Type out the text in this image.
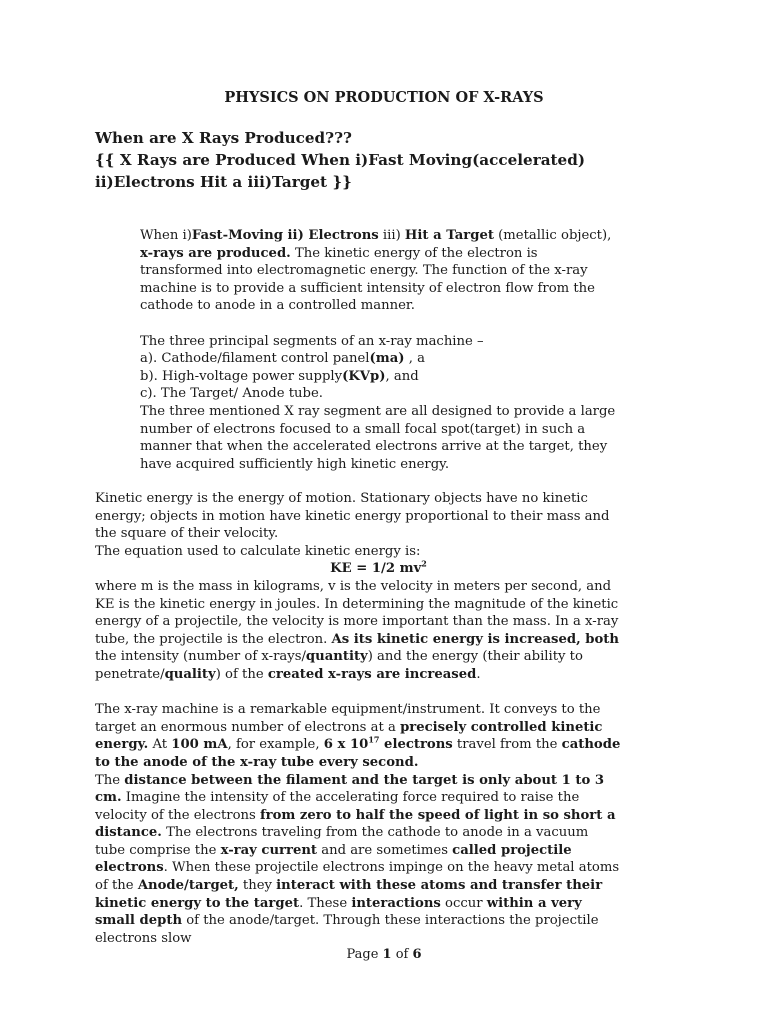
PHYSICS ON PRODUCTION OF X-RAYS
When are X Rays Produced???
{{ X Rays are Produced When i)Fast Moving(accelerated)
ii)Electrons Hit a iii)Target }}

When i)Fast-Moving ii) Electrons iii) Hit a Target (metallic object), x-rays are produced. The kinetic energy of the electron is transformed into electromagnetic energy. The function of the x-ray machine is to provide a sufficient intensity of electron flow from the cathode to anode in a controlled manner.

The three principal segments of an x-ray machine –

a). Cathode/filament control panel(ma) , a

b). High-voltage power supply(KVp), and

c). The Target/ Anode tube.

The three mentioned X ray segment are all designed to provide a large number of electrons focused to a small focal spot(target) in such a manner that when the accelerated electrons arrive at the target, they have acquired sufficiently high kinetic energy.

Kinetic energy is the energy of motion. Stationary objects have no kinetic energy; objects in motion have kinetic energy proportional to their mass and the square of their velocity.

The equation used to calculate kinetic energy is:

KE = 1/2 $mv^2$

where m is the mass in kilograms, v is the velocity in meters per second, and KE is the kinetic energy in joules. In determining the magnitude of the kinetic energy of a projectile, the velocity is more important than the mass. In a x-ray tube, the projectile is the electron. As its kinetic energy is increased, both the intensity (number of x-rays/quantity) and the energy (their ability to penetrate/quality) of the created x-rays are increased.

The x-ray machine is a remarkable equipment/instrument. It conveys to the target an enormous number of electrons at a precisely controlled kinetic energy. At 100 mA, for example, 6 x $10^{17}$ electrons travel from the cathode to the anode of the x-ray tube every second.

The distance between the filament and the target is only about 1 to 3 cm. Imagine the intensity of the accelerating force required to raise the velocity of the electrons from zero to half the speed of light in so short a distance. The electrons traveling from the cathode to anode in a vacuum tube comprise the x-ray current and are sometimes called projectile electrons. When these projectile electrons impinge on the heavy metal atoms of the Anode/target, they interact with these atoms and transfer their kinetic energy to the target. These interactions occur within a very small depth of the anode/target. Through these interactions the projectile electrons slow

Page 1 of 6
